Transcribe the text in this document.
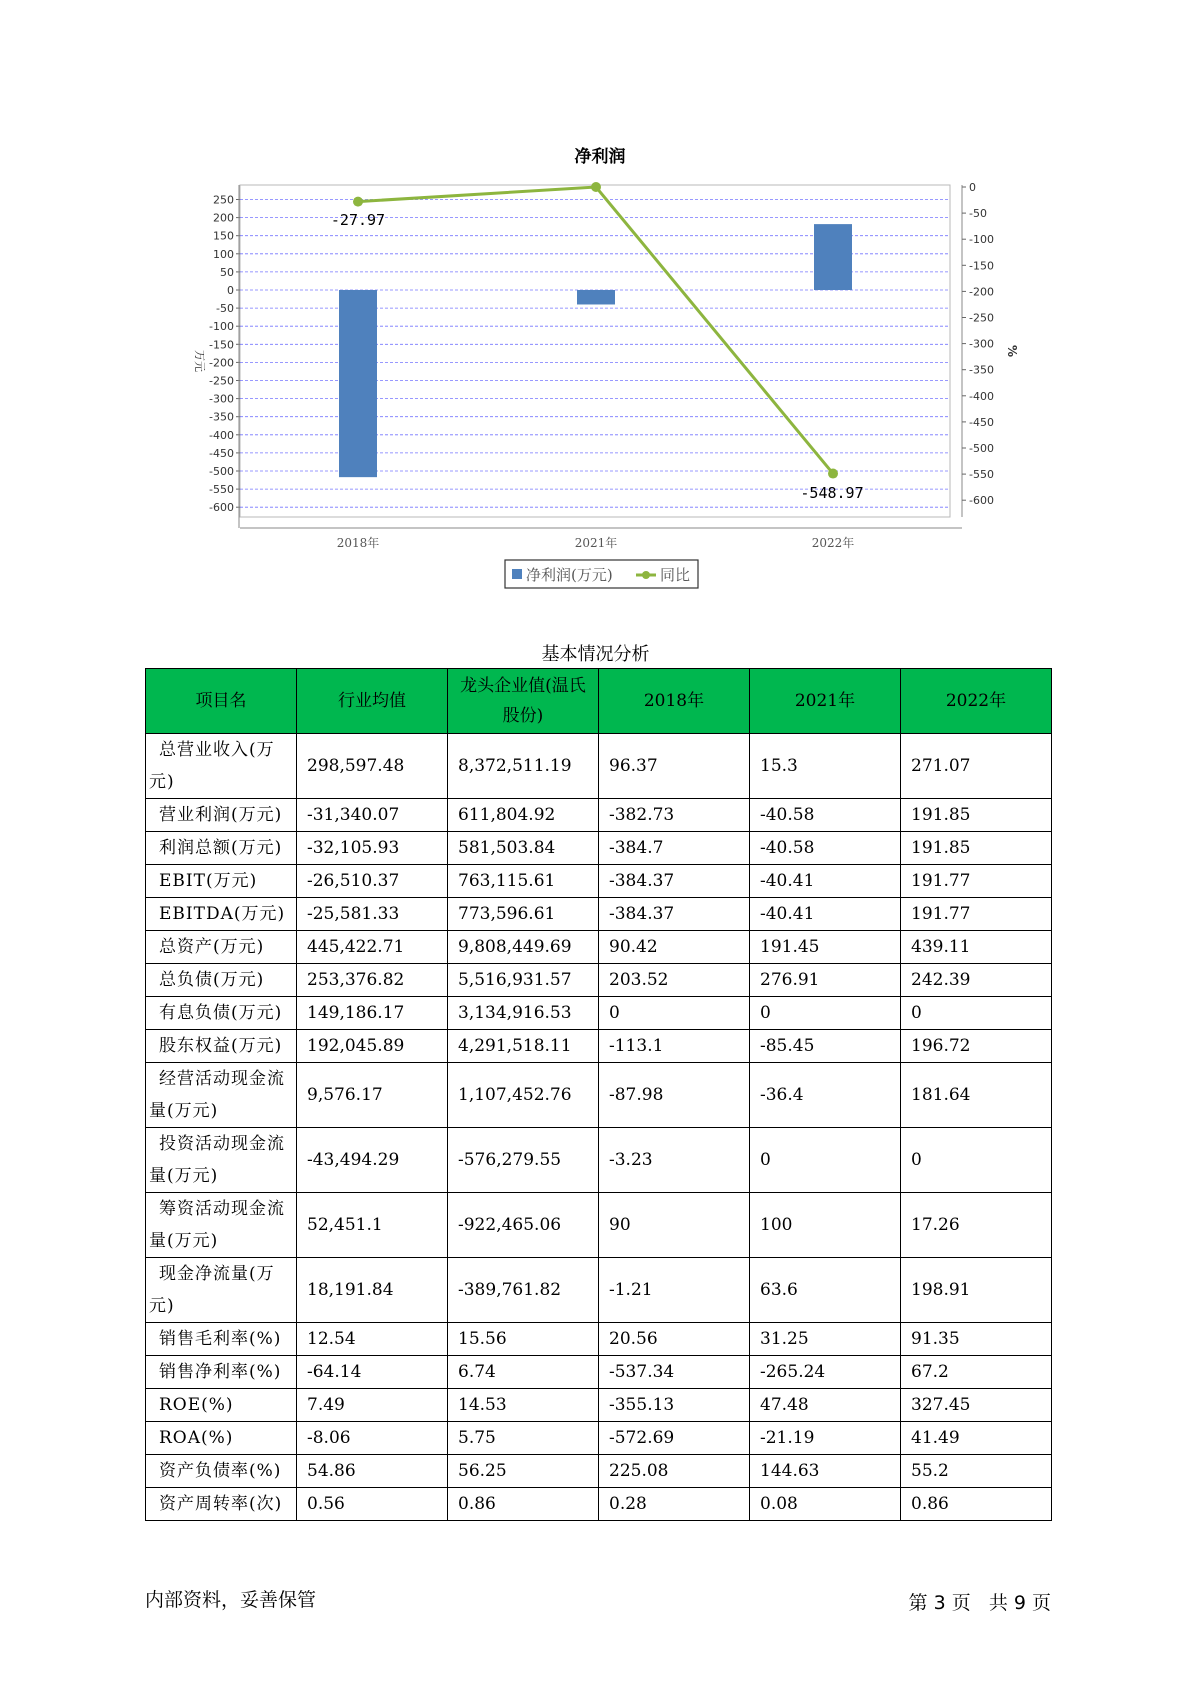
净利润
250
200
150
100
50
0
-50
-100
-150
-200
-250
-300
-350
-400
-450
-500
-550
-600
0
-50
-100
-150
-200
-250
-300
-350
-400
-450
-500
-550
-600
万元	%
2018年	2021年	2022年
-27.97
-548.97
净利润(万元)	同比
基本情况分析
项目名	行业均值	龙头企业值(温氏股份)	2018年	2021年	2022年
总营业收入(万元)	298,597.48	8,372,511.19	96.37	15.3	271.07
营业利润(万元)	-31,340.07	611,804.92	-382.73	-40.58	191.85
利润总额(万元)	-32,105.93	581,503.84	-384.7	-40.58	191.85
EBIT(万元)	-26,510.37	763,115.61	-384.37	-40.41	191.77
EBITDA(万元)	-25,581.33	773,596.61	-384.37	-40.41	191.77
总资产(万元)	445,422.71	9,808,449.69	90.42	191.45	439.11
总负债(万元)	253,376.82	5,516,931.57	203.52	276.91	242.39
有息负债(万元)	149,186.17	3,134,916.53	0	0	0
股东权益(万元)	192,045.89	4,291,518.11	-113.1	-85.45	196.72
经营活动现金流量(万元)	9,576.17	1,107,452.76	-87.98	-36.4	181.64
投资活动现金流量(万元)	-43,494.29	-576,279.55	-3.23	0	0
筹资活动现金流量(万元)	52,451.1	-922,465.06	90	100	17.26
现金净流量(万元)	18,191.84	-389,761.82	-1.21	63.6	198.91
销售毛利率(%)	12.54	15.56	20.56	31.25	91.35
销售净利率(%)	-64.14	6.74	-537.34	-265.24	67.2
ROE(%)	7.49	14.53	-355.13	47.48	327.45
ROA(%)	-8.06	5.75	-572.69	-21.19	41.49
资产负债率(%)	54.86	56.25	225.08	144.63	55.2
资产周转率(次)	0.56	0.86	0.28	0.08	0.86
内部资料，妥善保管	第 3 页   共 9 页
